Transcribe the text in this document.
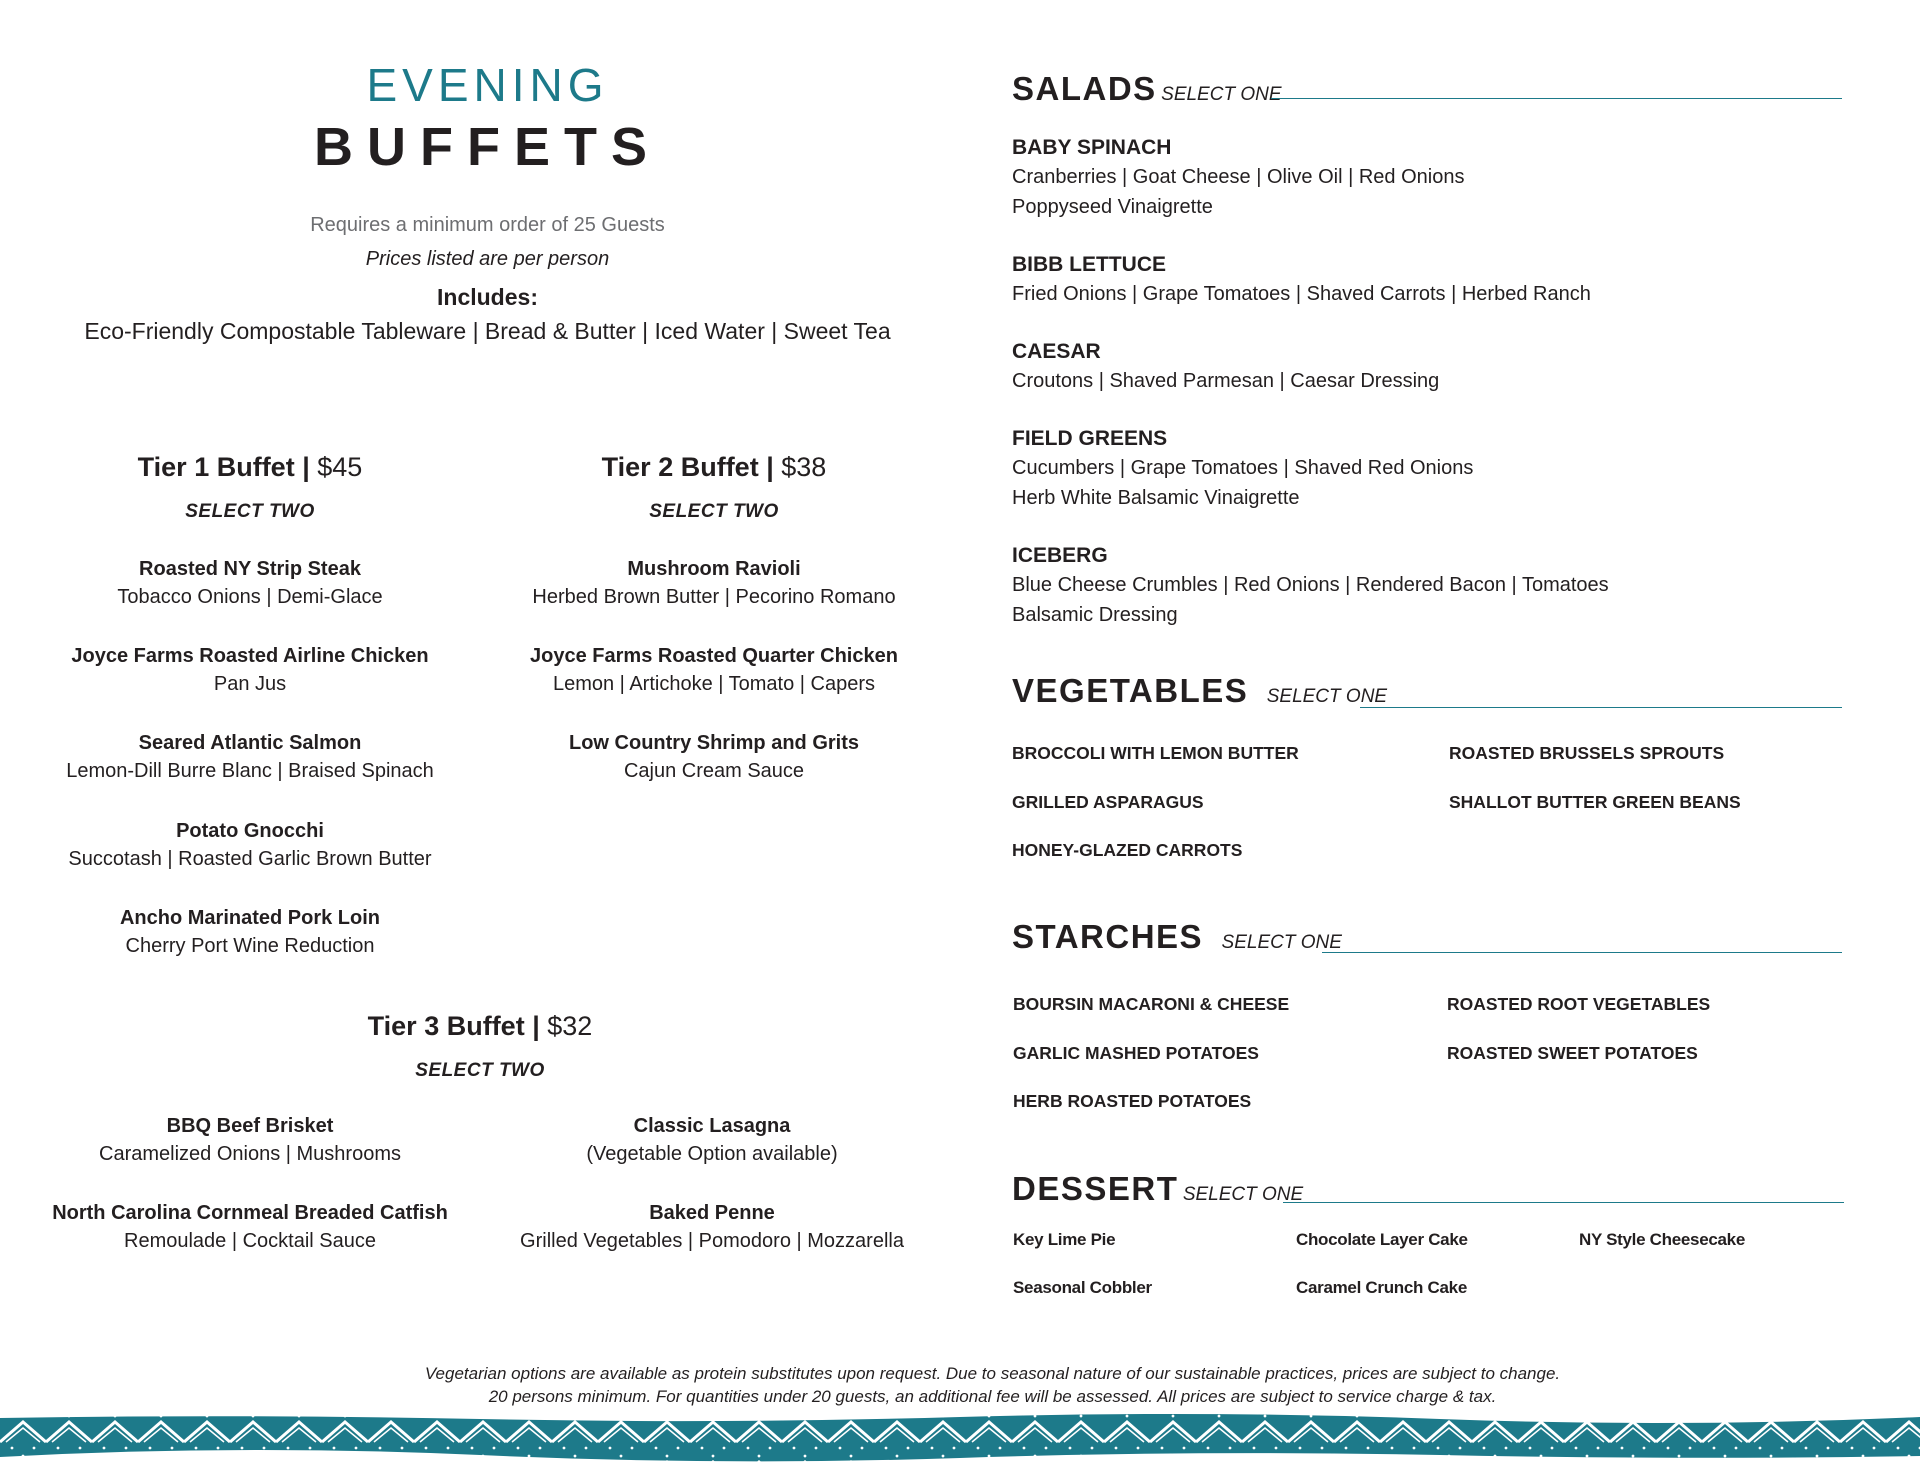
EVENING
BUFFETS
Requires a minimum order of 25 Guests
Prices listed are per person
Includes:
Eco-Friendly Compostable Tableware | Bread & Butter | Iced Water | Sweet Tea
Tier 1 Buffet | $45
SELECT TWO
Roasted NY Strip Steak
Tobacco Onions | Demi-Glace
Joyce Farms Roasted Airline Chicken
Pan Jus
Seared Atlantic Salmon
Lemon-Dill Burre Blanc | Braised Spinach
Potato Gnocchi
Succotash | Roasted Garlic Brown Butter
Ancho Marinated Pork Loin
Cherry Port Wine Reduction
Tier 2 Buffet | $38
SELECT TWO
Mushroom Ravioli
Herbed Brown Butter | Pecorino Romano
Joyce Farms Roasted Quarter Chicken
Lemon | Artichoke | Tomato | Capers
Low Country Shrimp and Grits
Cajun Cream Sauce
Tier 3 Buffet | $32
SELECT TWO
BBQ Beef Brisket
Caramelized Onions | Mushrooms
North Carolina Cornmeal Breaded Catfish
Remoulade | Cocktail Sauce
Classic Lasagna
(Vegetable Option available)
Baked Penne
Grilled Vegetables | Pomodoro | Mozzarella
SALADS SELECT ONE
BABY SPINACH
Cranberries | Goat Cheese | Olive Oil | Red Onions
Poppyseed Vinaigrette
BIBB LETTUCE
Fried Onions | Grape Tomatoes | Shaved Carrots | Herbed Ranch
CAESAR
Croutons | Shaved Parmesan | Caesar Dressing
FIELD GREENS
Cucumbers | Grape Tomatoes | Shaved Red Onions
Herb White Balsamic Vinaigrette
ICEBERG
Blue Cheese Crumbles | Red Onions | Rendered Bacon | Tomatoes
Balsamic Dressing
VEGETABLES SELECT ONE
BROCCOLI WITH LEMON BUTTER	ROASTED BRUSSELS SPROUTS
GRILLED ASPARAGUS	SHALLOT BUTTER GREEN BEANS
HONEY-GLAZED CARROTS
STARCHES SELECT ONE
BOURSIN MACARONI & CHEESE	ROASTED ROOT VEGETABLES
GARLIC MASHED POTATOES	ROASTED SWEET POTATOES
HERB ROASTED POTATOES
DESSERT SELECT ONE
Key Lime Pie	Chocolate Layer Cake	NY Style Cheesecake
Seasonal Cobbler	Caramel Crunch Cake
Vegetarian options are available as protein substitutes upon request. Due to seasonal nature of our sustainable practices, prices are subject to change.
20 persons minimum. For quantities under 20 guests, an additional fee will be assessed. All prices are subject to service charge & tax.
